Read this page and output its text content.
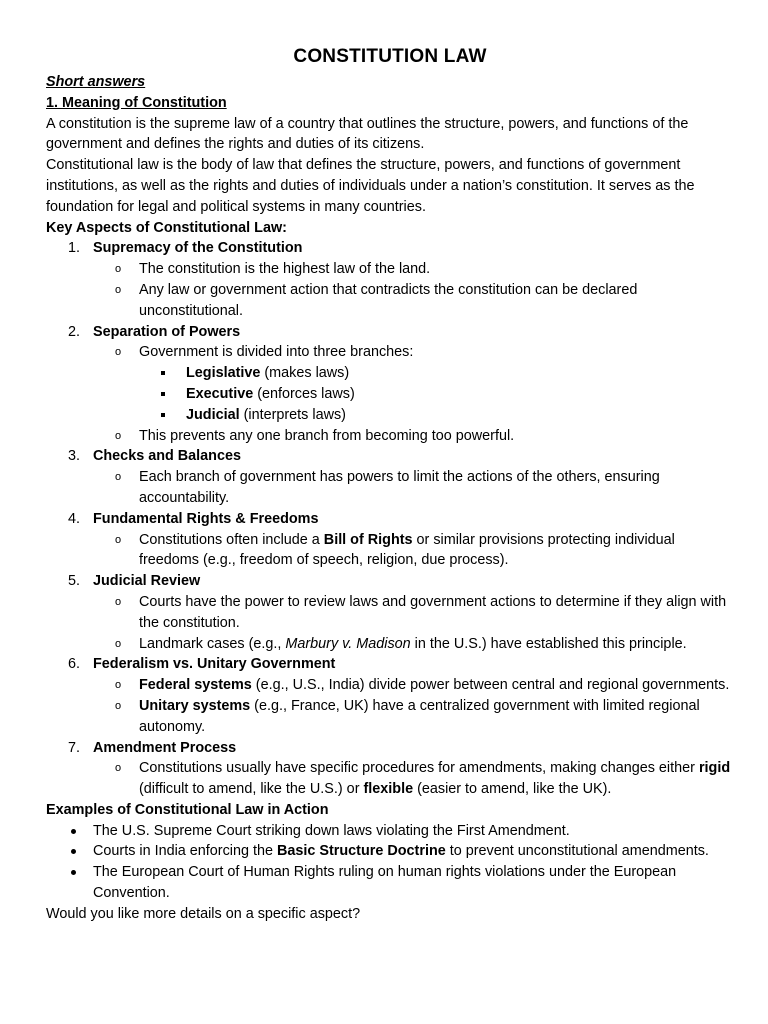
CONSTITUTION LAW

Short answers

1. Meaning of Constitution

A constitution is the supreme law of a country that outlines the structure, powers, and functions of the government and defines the rights and duties of its citizens.

Constitutional law is the body of law that defines the structure, powers, and functions of government institutions, as well as the rights and duties of individuals under a nation’s constitution. It serves as the foundation for legal and political systems in many countries.

Key Aspects of Constitutional Law:

1. Supremacy of the Constitution
o The constitution is the highest law of the land.
o Any law or government action that contradicts the constitution can be declared unconstitutional.
2. Separation of Powers
o Government is divided into three branches:
Legislative (makes laws)
Executive (enforces laws)
Judicial (interprets laws)
o This prevents any one branch from becoming too powerful.
3. Checks and Balances
o Each branch of government has powers to limit the actions of the others, ensuring accountability.
4. Fundamental Rights & Freedoms
o Constitutions often include a Bill of Rights or similar provisions protecting individual freedoms (e.g., freedom of speech, religion, due process).
5. Judicial Review
o Courts have the power to review laws and government actions to determine if they align with the constitution.
o Landmark cases (e.g., Marbury v. Madison in the U.S.) have established this principle.
6. Federalism vs. Unitary Government
o Federal systems (e.g., U.S., India) divide power between central and regional governments.
o Unitary systems (e.g., France, UK) have a centralized government with limited regional autonomy.
7. Amendment Process
o Constitutions usually have specific procedures for amendments, making changes either rigid (difficult to amend, like the U.S.) or flexible (easier to amend, like the UK).

Examples of Constitutional Law in Action

The U.S. Supreme Court striking down laws violating the First Amendment.
Courts in India enforcing the Basic Structure Doctrine to prevent unconstitutional amendments.
The European Court of Human Rights ruling on human rights violations under the European Convention.

Would you like more details on a specific aspect?
